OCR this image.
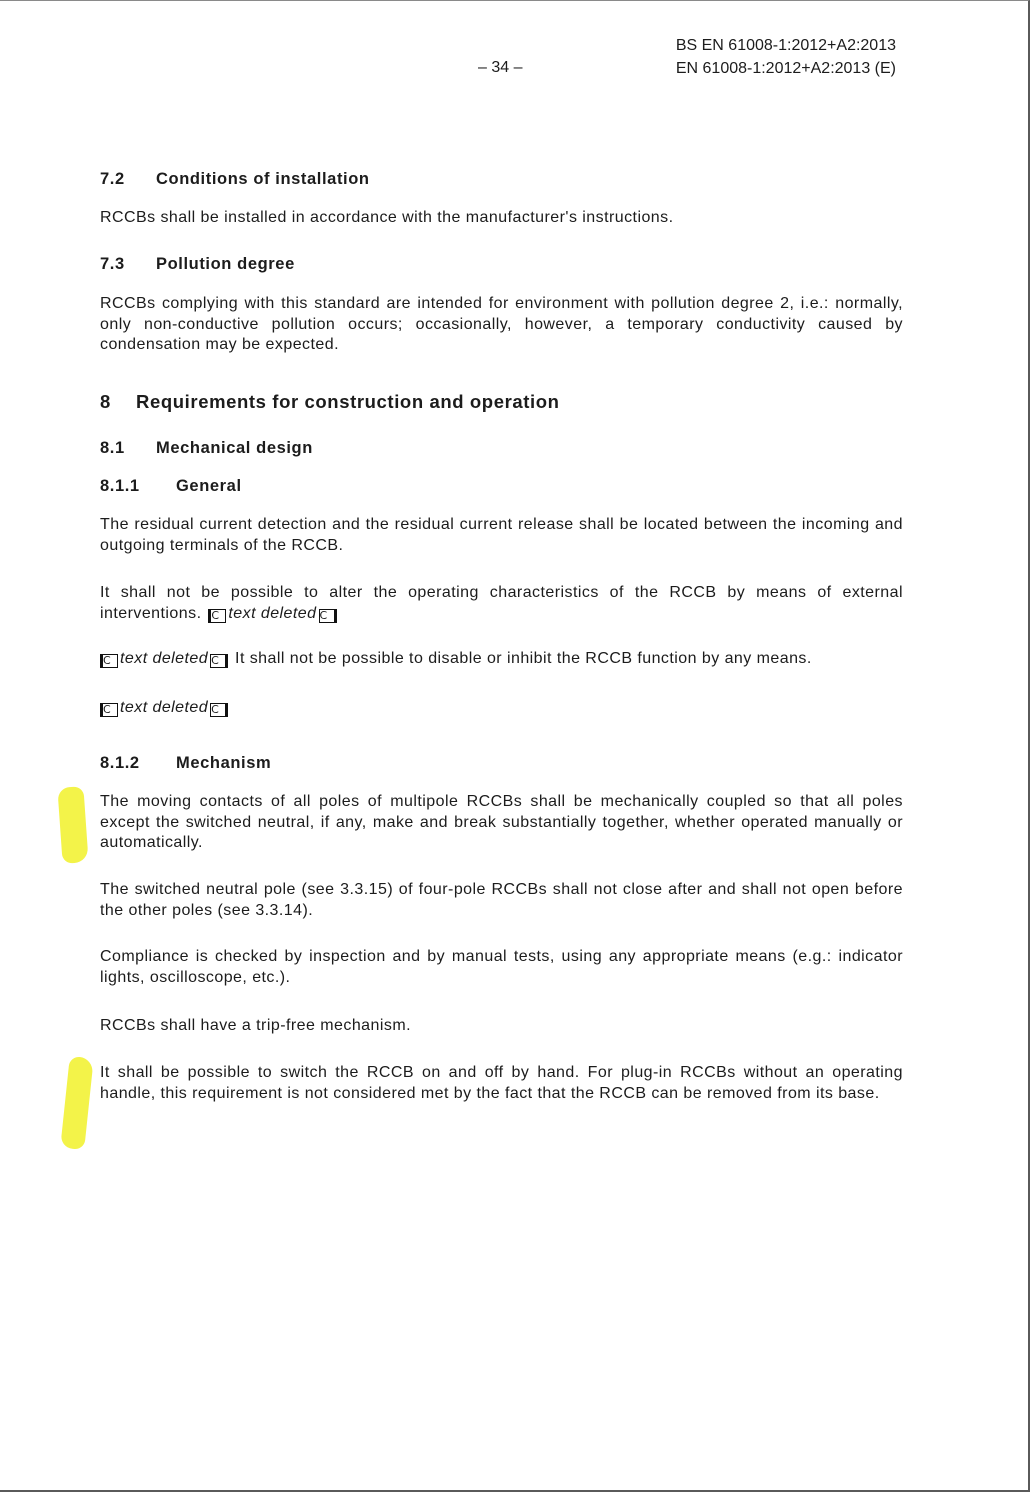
– 34 –
BS EN 61008-1:2012+A2:2013
EN 61008-1:2012+A2:2013 (E)
7.2 Conditions of installation
RCCBs shall be installed in accordance with the manufacturer's instructions.
7.3 Pollution degree
RCCBs complying with this standard are intended for environment with pollution degree 2, i.e.: normally, only non-conductive pollution occurs; occasionally, however, a temporary conductivity caused by condensation may be expected.
8 Requirements for construction and operation
8.1 Mechanical design
8.1.1 General
The residual current detection and the residual current release shall be located between the incoming and outgoing terminals of the RCCB.
It shall not be possible to alter the operating characteristics of the RCCB by means of external interventions. C text deleted C
C text deleted C It shall not be possible to disable or inhibit the RCCB function by any means.
C text deleted C
8.1.2 Mechanism
The moving contacts of all poles of multipole RCCBs shall be mechanically coupled so that all poles except the switched neutral, if any, make and break substantially together, whether operated manually or automatically.
The switched neutral pole (see 3.3.15) of four-pole RCCBs shall not close after and shall not open before the other poles (see 3.3.14).
Compliance is checked by inspection and by manual tests, using any appropriate means (e.g.: indicator lights, oscilloscope, etc.).
RCCBs shall have a trip-free mechanism.
It shall be possible to switch the RCCB on and off by hand. For plug-in RCCBs without an operating handle, this requirement is not considered met by the fact that the RCCB can be removed from its base.
